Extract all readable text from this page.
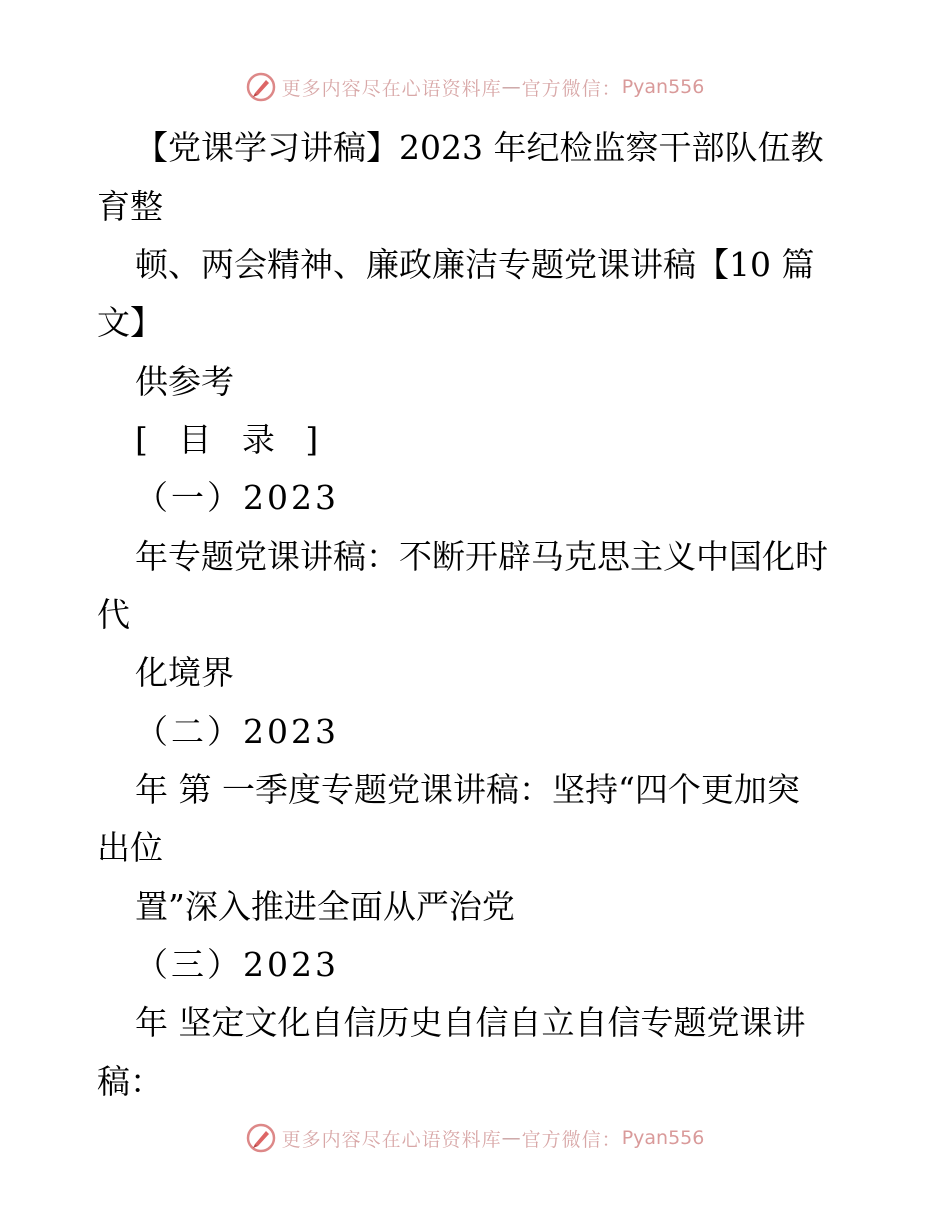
更多内容尽在心语资料库 — 官方微信： Pyan556
【党课学习讲稿】2023 年纪检监察干部队伍教
育整
顿、两会精神、廉政廉洁专题党课讲稿【10 篇
文】
供参考
[ 目 录 ]
（一）2023
年专题党课讲稿：不断开辟马克思主义中国化时
代
化境界
（二）2023
年 第 一季度专题党课讲稿：坚持“四个更加突
出位
置”深入推进全面从严治党
（三）2023
年 坚定文化自信历史自信自立自信专题党课讲
稿：
更多内容尽在心语资料库 — 官方微信： Pyan556
